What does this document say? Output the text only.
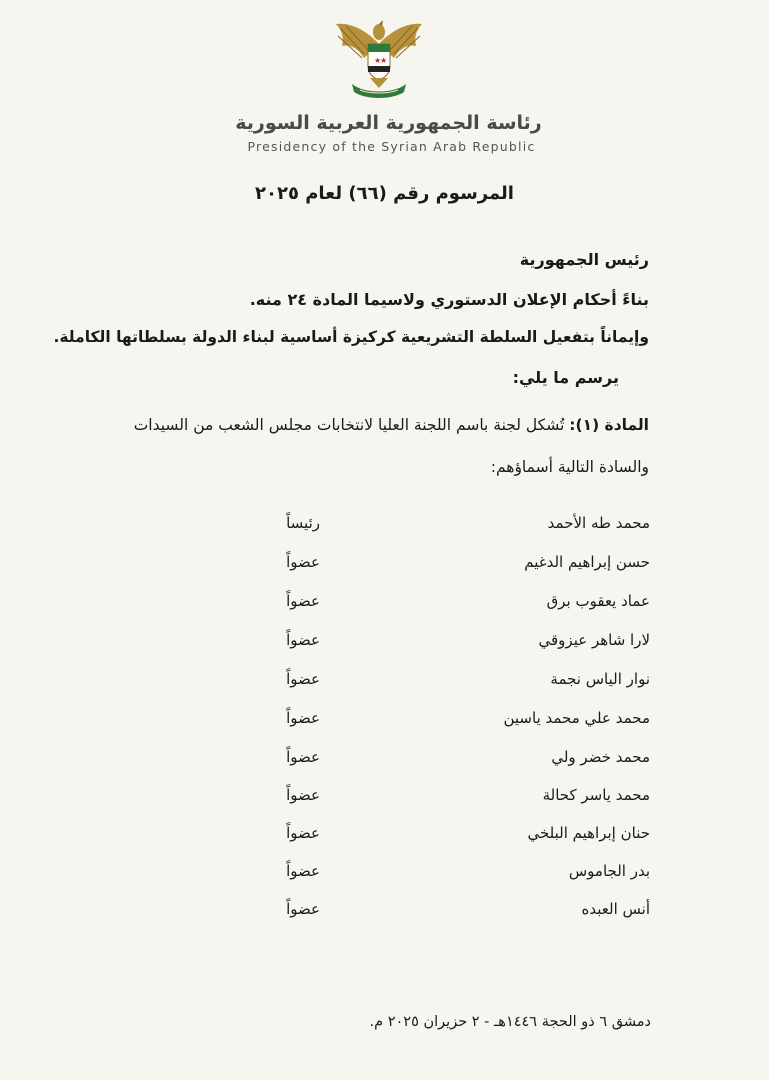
★
★
رئاسة الجمهورية العربية السورية
Presidency of the Syrian Arab Republic
المرسوم رقم (٦٦) لعام ٢٠٢٥
رئيس الجمهورية
بناءً أحكام الإعلان الدستوري ولاسيما المادة ٢٤ منه.
وإيماناً بتفعيل السلطة التشريعية كركيزة أساسية لبناء الدولة بسلطاتها الكاملة.
يرسم ما يلي:
المادة (١): تُشكل لجنة باسم اللجنة العليا لانتخابات مجلس الشعب من السيدات والسادة التالية أسماؤهم:
محمد طه الأحمد
رئيساً
حسن إبراهيم الدغيم
عضواً
عماد يعقوب برق
عضواً
لارا شاهر عيزوقي
عضواً
نوار الياس نجمة
عضواً
محمد علي محمد ياسين
عضواً
محمد خضر ولي
عضواً
محمد ياسر كحالة
عضواً
حنان إبراهيم البلخي
عضواً
بدر الجاموس
عضواً
أنس العبده
عضواً
دمشق ٦ ذو الحجة ١٤٤٦هـ - ٢ حزيران ٢٠٢٥ م.
